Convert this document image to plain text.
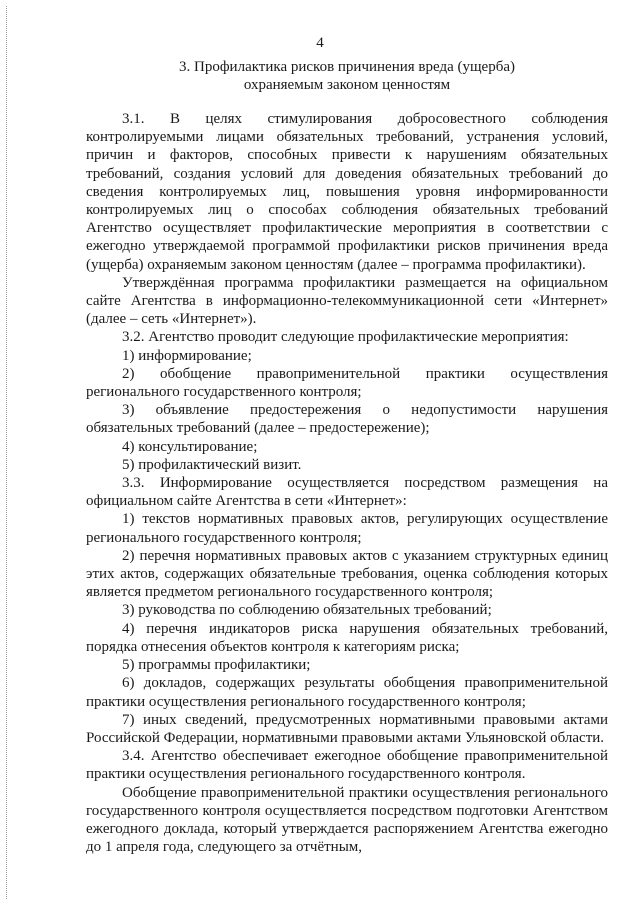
4
3. Профилактика рисков причинения вреда (ущерба)
охраняемым законом ценностям

3.1. В целях стимулирования добросовестного соблюдения контролируемыми лицами обязательных требований, устранения условий, причин и факторов, способных привести к нарушениям обязательных требований, создания условий для доведения обязательных требований до сведения контролируемых лиц, повышения уровня информированности контролируемых лиц о способах соблюдения обязательных требований Агентство осуществляет профилактические мероприятия в соответствии с ежегодно утверждаемой программой профилактики рисков причинения вреда (ущерба) охраняемым законом ценностям (далее – программа профилактики).

Утверждённая программа профилактики размещается на официальном сайте Агентства в информационно-телекоммуникационной сети «Интернет» (далее – сеть «Интернет»).

3.2. Агентство проводит следующие профилактические мероприятия:

1) информирование;

2) обобщение правоприменительной практики осуществления регионального государственного контроля;

3) объявление предостережения о недопустимости нарушения обязательных требований (далее – предостережение);

4) консультирование;

5) профилактический визит.

3.3. Информирование осуществляется посредством размещения на официальном сайте Агентства в сети «Интернет»:

1) текстов нормативных правовых актов, регулирующих осуществление регионального государственного контроля;

2) перечня нормативных правовых актов с указанием структурных единиц этих актов, содержащих обязательные требования, оценка соблюдения которых является предметом регионального государственного контроля;

3) руководства по соблюдению обязательных требований;

4) перечня индикаторов риска нарушения обязательных требований, порядка отнесения объектов контроля к категориям риска;

5) программы профилактики;

6) докладов, содержащих результаты обобщения правоприменительной практики осуществления регионального государственного контроля;

7) иных сведений, предусмотренных нормативными правовыми актами Российской Федерации, нормативными правовыми актами Ульяновской области.

3.4. Агентство обеспечивает ежегодное обобщение правоприменительной практики осуществления регионального государственного контроля.

Обобщение правоприменительной практики осуществления регионального государственного контроля осуществляется посредством подготовки Агентством ежегодного доклада, который утверждается распоряжением Агентства ежегодно до 1 апреля года, следующего за отчётным,
